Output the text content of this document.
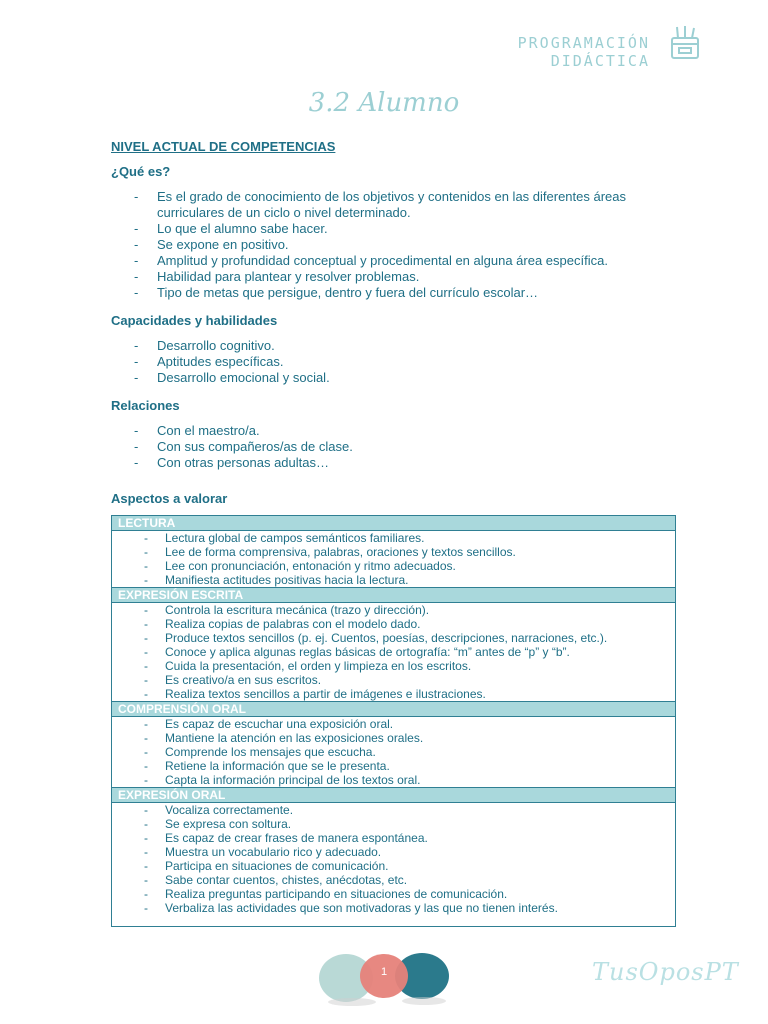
PROGRAMACIÓN DIDÁCTICA
3.2 Alumno
NIVEL ACTUAL DE COMPETENCIAS
¿Qué es?
- Es el grado de conocimiento de los objetivos y contenidos en las diferentes áreas curriculares de un ciclo o nivel determinado.
- Lo que el alumno sabe hacer.
- Se expone en positivo.
- Amplitud y profundidad conceptual y procedimental en alguna área específica.
- Habilidad para plantear y resolver problemas.
- Tipo de metas que persigue, dentro y fuera del currículo escolar…
Capacidades y habilidades
- Desarrollo cognitivo.
- Aptitudes específicas.
- Desarrollo emocional y social.
Relaciones
- Con el maestro/a.
- Con sus compañeros/as de clase.
- Con otras personas adultas…
Aspectos a valorar
LECTURA
- Lectura global de campos semánticos familiares.
- Lee de forma comprensiva, palabras, oraciones y textos sencillos.
- Lee con pronunciación, entonación y ritmo adecuados.
- Manifiesta actitudes positivas hacia la lectura.
EXPRESIÓN ESCRITA
- Controla la escritura mecánica (trazo y dirección).
- Realiza copias de palabras con el modelo dado.
- Produce textos sencillos (p. ej. Cuentos, poesías, descripciones, narraciones, etc.).
- Conoce y aplica algunas reglas básicas de ortografía: “m” antes de “p” y “b”.
- Cuida la presentación, el orden y limpieza en los escritos.
- Es creativo/a en sus escritos.
- Realiza textos sencillos a partir de imágenes e ilustraciones.
COMPRENSIÓN ORAL
- Es capaz de escuchar una exposición oral.
- Mantiene la atención en las exposiciones orales.
- Comprende los mensajes que escucha.
- Retiene la información que se le presenta.
- Capta la información principal de los textos oral.
EXPRESIÓN ORAL
- Vocaliza correctamente.
- Se expresa con soltura.
- Es capaz de crear frases de manera espontánea.
- Muestra un vocabulario rico y adecuado.
- Participa en situaciones de comunicación.
- Sabe contar cuentos, chistes, anécdotas, etc.
- Realiza preguntas participando en situaciones de comunicación.
- Verbaliza las actividades que son motivadoras y las que no tienen interés.
1	TusOposPT
